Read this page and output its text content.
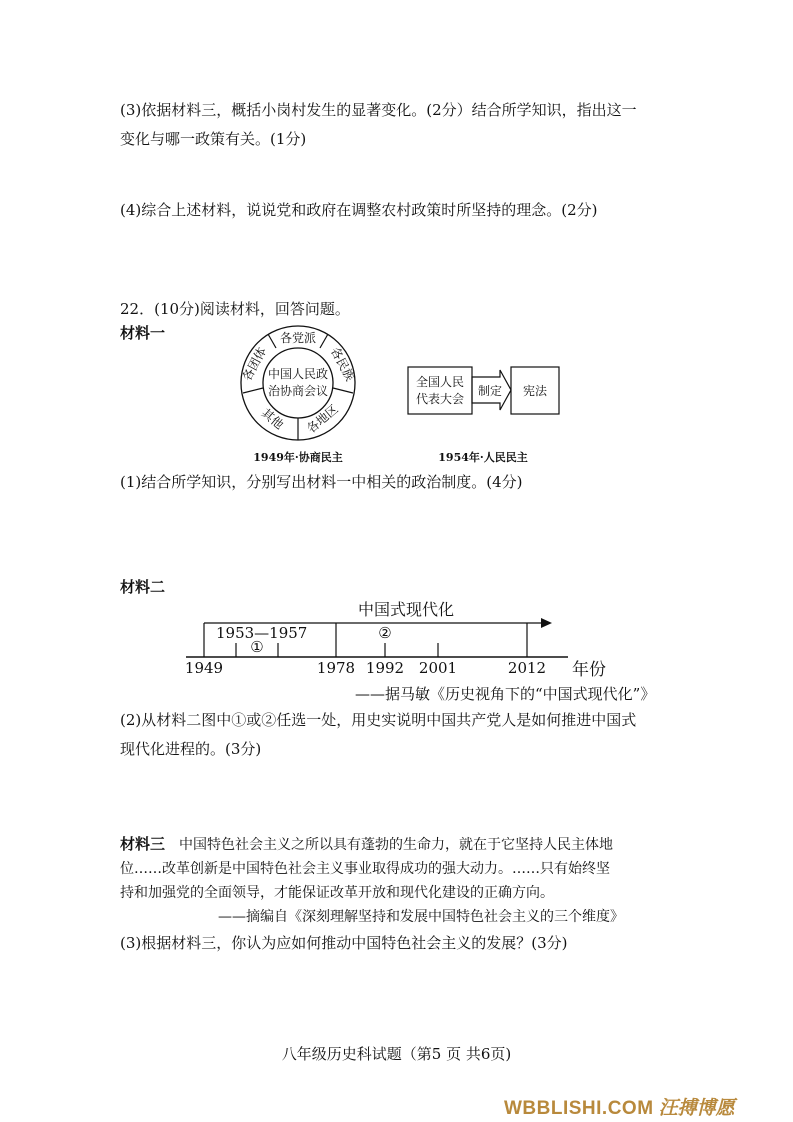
(3)依据材料三，概括小岗村发生的显著变化。(2分）结合所学知识，指出这一
变化与哪一政策有关。(1分)
(4)综合上述材料，说说党和政府在调整农村政策时所坚持的理念。(2分)
22．(10分)阅读材料，回答问题。
材料一
中国人民政
治协商会议
各党派
各民族
各地区
其他
各团体
1949年·协商民主
全国人民
代表大会
制定 宪法
1954年·人民民主
(1)结合所学知识，分别写出材料一中相关的政治制度。(4分)
材料二
中国式现代化
1953—1957
①
②
1949	1978 1992 2001	2012 年份
——据马敏《历史视角下的“中国式现代化”》
(2)从材料二图中①或②任选一处，用史实说明中国共产党人是如何推进中国式
现代化进程的。(3分)
材料三 中国特色社会主义之所以具有蓬勃的生命力，就在于它坚持人民主体地
位……改革创新是中国特色社会主义事业取得成功的强大动力。……只有始终坚
持和加强党的全面领导，才能保证改革开放和现代化建设的正确方向。
——摘编自《深刻理解坚持和发展中国特色社会主义的三个维度》
(3)根据材料三，你认为应如何推动中国特色社会主义的发展？(3分)
八年级历史科试题（第5 页 共6页)
WBBLISHI.COM 汪搏博愿
